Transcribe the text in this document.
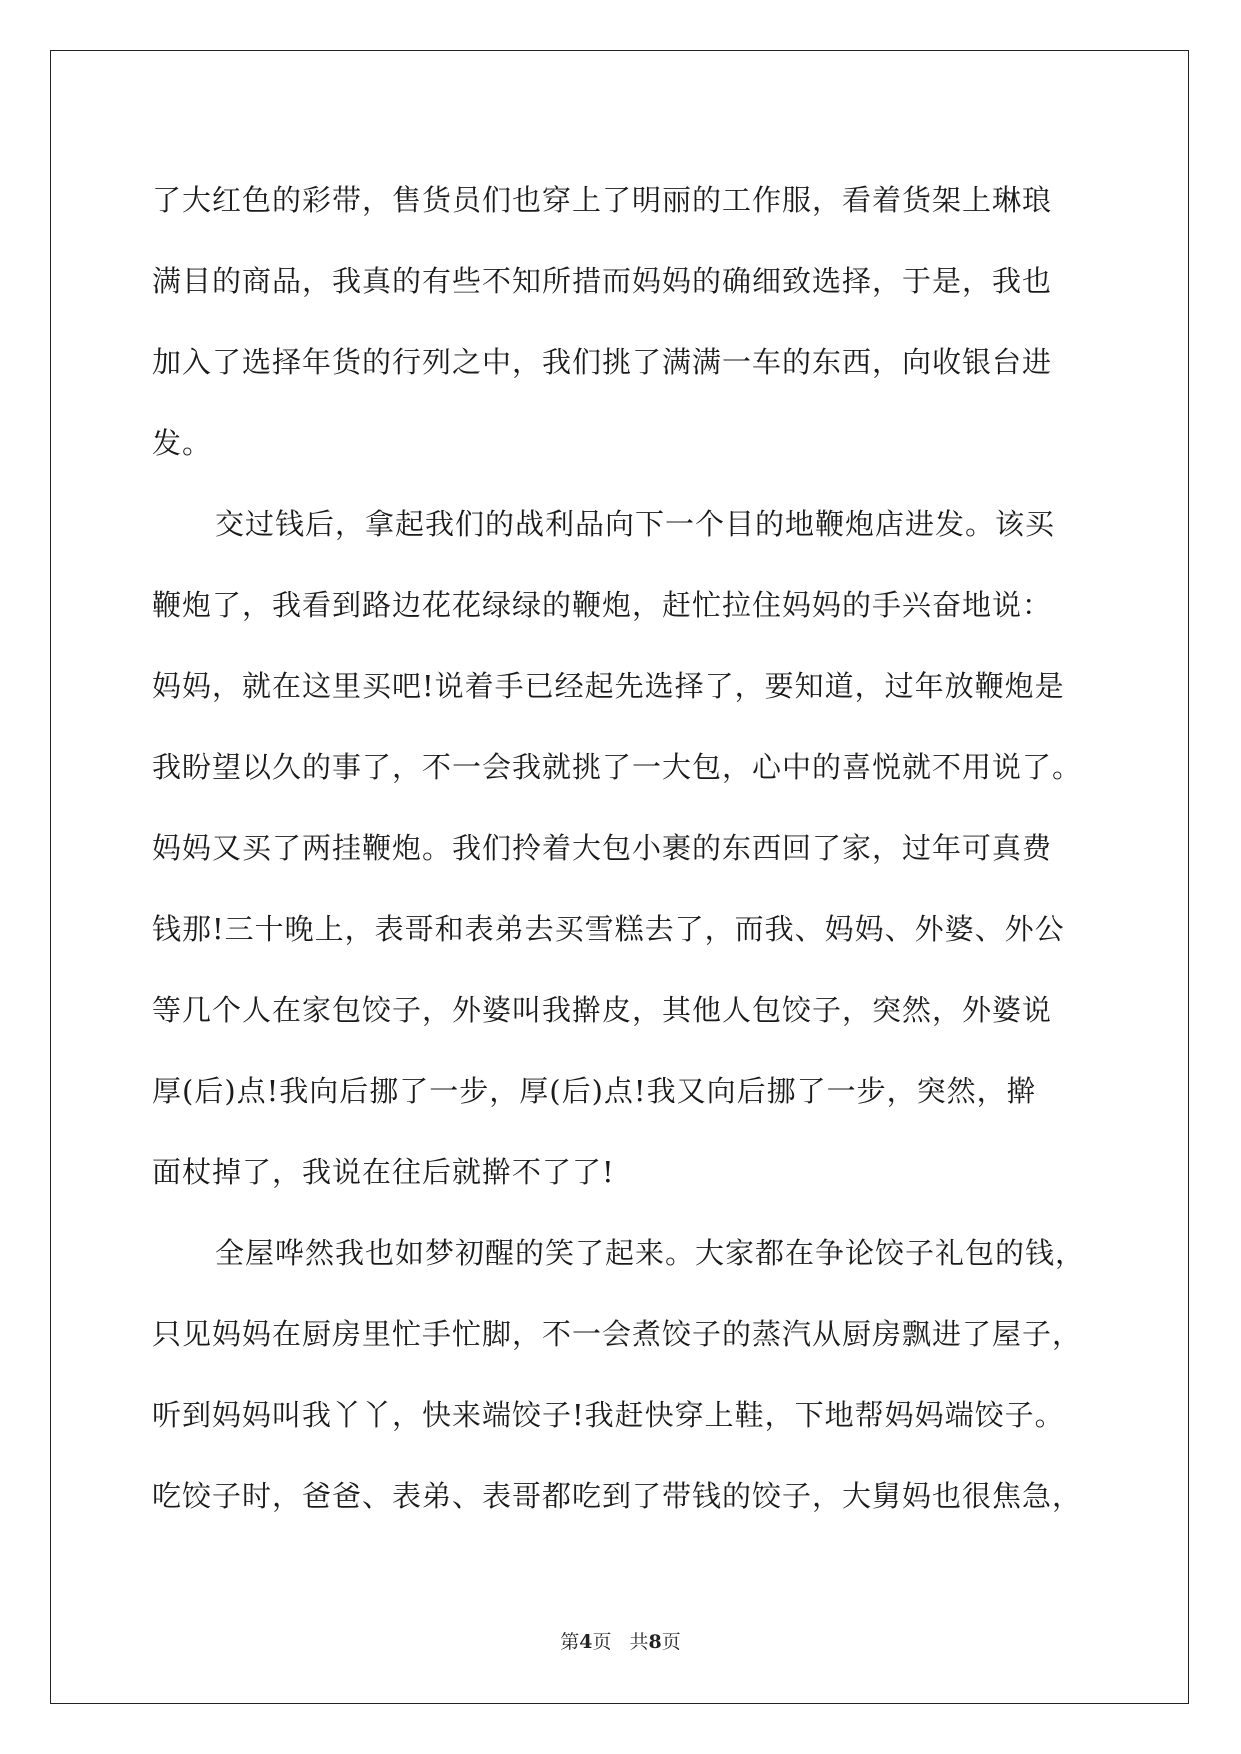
了大红色的彩带，售货员们也穿上了明丽的工作服，看着货架上琳琅
满目的商品，我真的有些不知所措而妈妈的确细致选择，于是，我也
加入了选择年货的行列之中，我们挑了满满一车的东西，向收银台进
发。
交过钱后，拿起我们的战利品向下一个目的地鞭炮店进发。该买
鞭炮了，我看到路边花花绿绿的鞭炮，赶忙拉住妈妈的手兴奋地说：
妈妈，就在这里买吧!说着手已经起先选择了，要知道，过年放鞭炮是
我盼望以久的事了，不一会我就挑了一大包，心中的喜悦就不用说了。
妈妈又买了两挂鞭炮。我们拎着大包小裹的东西回了家，过年可真费
钱那!三十晚上，表哥和表弟去买雪糕去了，而我、妈妈、外婆、外公
等几个人在家包饺子，外婆叫我擀皮，其他人包饺子，突然，外婆说
厚(后)点!我向后挪了一步，厚(后)点!我又向后挪了一步，突然，擀
面杖掉了，我说在往后就擀不了了!
全屋哗然我也如梦初醒的笑了起来。大家都在争论饺子礼包的钱，
只见妈妈在厨房里忙手忙脚，不一会煮饺子的蒸汽从厨房飘进了屋子，
听到妈妈叫我丫丫，快来端饺子!我赶快穿上鞋，下地帮妈妈端饺子。
吃饺子时，爸爸、表弟、表哥都吃到了带钱的饺子，大舅妈也很焦急，
第4页 共8页
